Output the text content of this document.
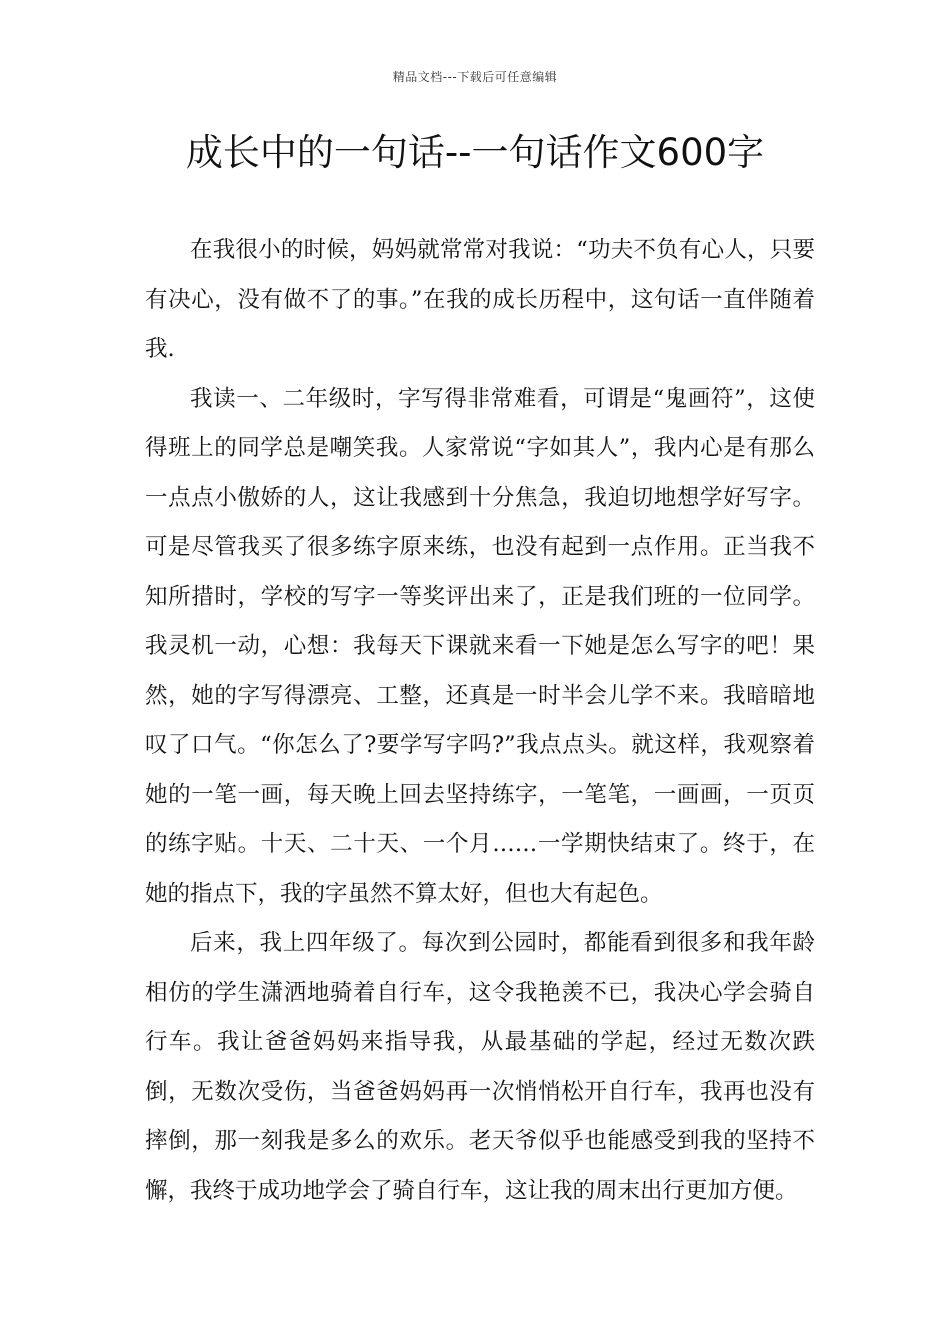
精品文档---下载后可任意编辑
成长中的一句话--一句话作文600字

在我很小的时候，妈妈就常常对我说：“功夫不负有心人，只要有决心，没有做不了的事。”在我的成长历程中，这句话一直伴随着我.

我读一、二年级时，字写得非常难看，可谓是“鬼画符”，这使得班上的同学总是嘲笑我。人家常说“字如其人”，我内心是有那么一点点小傲娇的人，这让我感到十分焦急，我迫切地想学好写字。可是尽管我买了很多练字原来练，也没有起到一点作用。正当我不知所措时，学校的写字一等奖评出来了，正是我们班的一位同学。我灵机一动，心想：我每天下课就来看一下她是怎么写字的吧！果然，她的字写得漂亮、工整，还真是一时半会儿学不来。我暗暗地叹了口气。“你怎么了?要学写字吗?”我点点头。就这样，我观察着她的一笔一画，每天晚上回去坚持练字，一笔笔，一画画，一页页的练字贴。十天、二十天、一个月……一学期快结束了。终于，在她的指点下，我的字虽然不算太好，但也大有起色。

后来，我上四年级了。每次到公园时，都能看到很多和我年龄相仿的学生潇洒地骑着自行车，这令我艳羡不已，我决心学会骑自行车。我让爸爸妈妈来指导我，从最基础的学起，经过无数次跌倒，无数次受伤，当爸爸妈妈再一次悄悄松开自行车，我再也没有摔倒，那一刻我是多么的欢乐。老天爷似乎也能感受到我的坚持不懈，我终于成功地学会了骑自行车，这让我的周末出行更加方便。
